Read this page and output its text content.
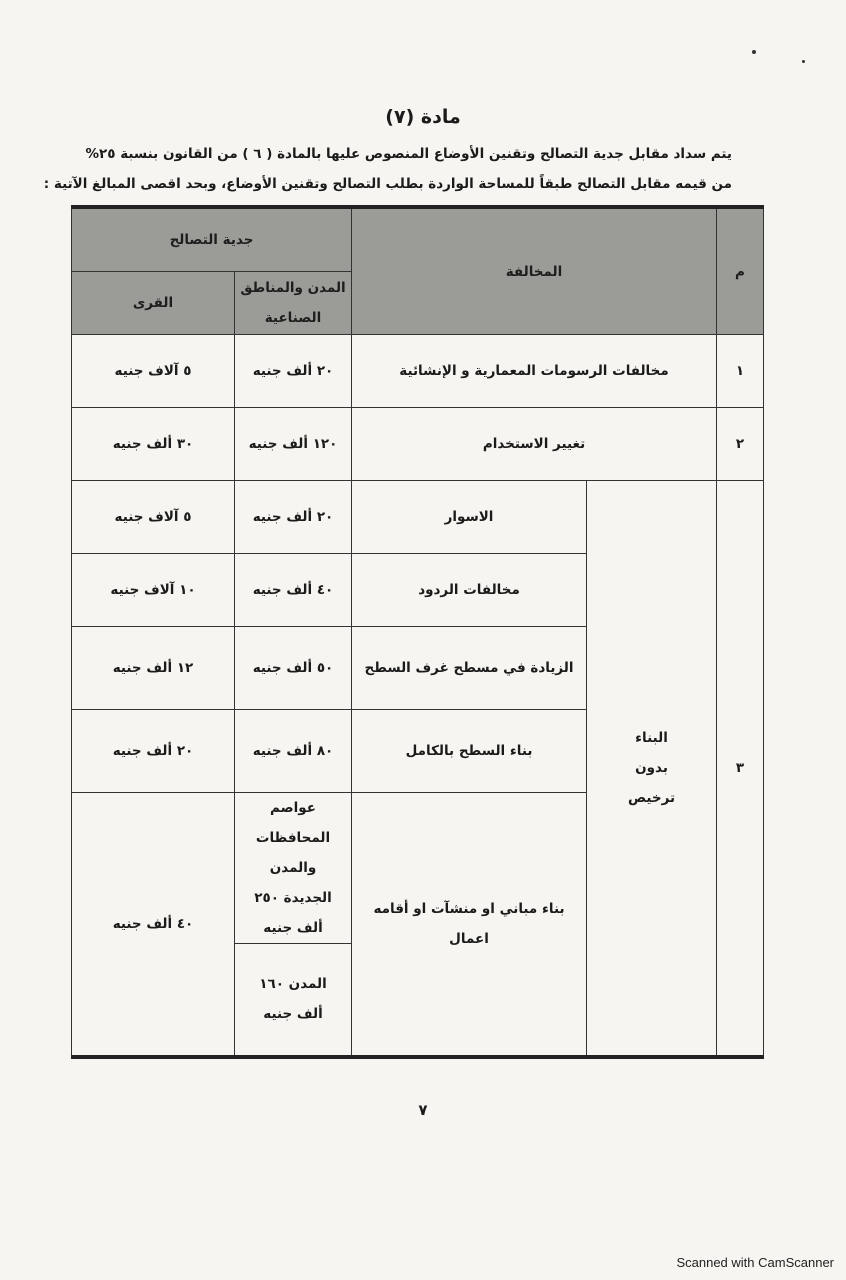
مادة (٧)
يتم سداد مقابل جدية التصالح وتقنين الأوضاع المنصوص عليها بالمادة ( ٦ ) من القانون بنسبة ٢٥%
من قيمه مقابل التصالح طبقاً للمساحة الواردة بطلب التصالح وتقنين الأوضاع، وبحد اقصى المبالغ الآتية :
م	المخالفة		جدية التصالح	
			المدن والمناطق الصناعية	القرى
١	مخالفات الرسومات المعمارية و الإنشائية		٢٠ ألف جنيه	٥ آلاف جنيه
٢	تغيير الاستخدام		١٢٠ ألف جنيه	٣٠ ألف جنيه
٣	البناء بدون ترخيص	الاسوار	٢٠ ألف جنيه	٥ آلاف جنيه
		مخالفات الردود	٤٠ ألف جنيه	١٠ آلاف جنيه
		الزيادة في مسطح غرف السطح	٥٠ ألف جنيه	١٢ ألف جنيه
		بناء السطح بالكامل	٨٠ ألف جنيه	٢٠ ألف جنيه
		بناء مباني او منشآت او أقامه اعمال	عواصم المحافظات والمدن الجديدة ٢٥٠ ألف جنيه	٤٠ ألف جنيه
			المدن ١٦٠ ألف جنيه	
٧
Scanned with CamScanner
